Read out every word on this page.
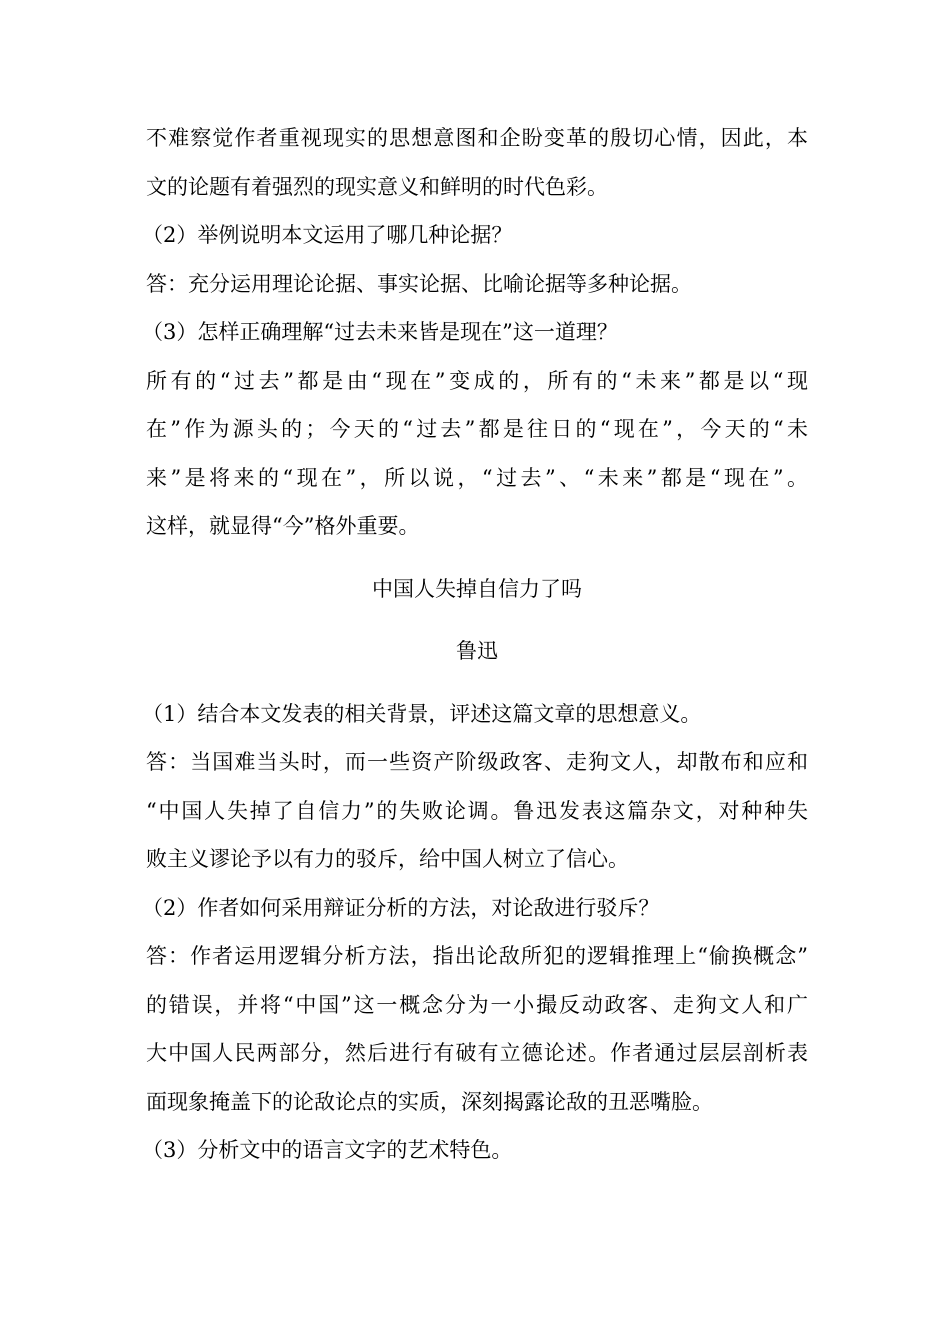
不难察觉作者重视现实的思想意图和企盼变革的殷切心情，因此，本
文的论题有着强烈的现实意义和鲜明的时代色彩。
（2）举例说明本文运用了哪几种论据？
答：充分运用理论论据、事实论据、比喻论据等多种论据。
（3）怎样正确理解“过去未来皆是现在”这一道理？
所有的“过去”都是由“现在”变成的，所有的“未来”都是以“现
在”作为源头的；今天的“过去”都是往日的“现在”，今天的“未
来”是将来的“现在”，所以说，“过去”、“未来”都是“现在”。
这样，就显得“今”格外重要。
中国人失掉自信力了吗
鲁迅
（1）结合本文发表的相关背景，评述这篇文章的思想意义。
答：当国难当头时，而一些资产阶级政客、走狗文人，却散布和应和
“中国人失掉了自信力”的失败论调。鲁迅发表这篇杂文，对种种失
败主义谬论予以有力的驳斥，给中国人树立了信心。
（2）作者如何采用辩证分析的方法，对论敌进行驳斥？
答：作者运用逻辑分析方法，指出论敌所犯的逻辑推理上“偷换概念”
的错误，并将“中国”这一概念分为一小撮反动政客、走狗文人和广
大中国人民两部分，然后进行有破有立德论述。作者通过层层剖析表
面现象掩盖下的论敌论点的实质，深刻揭露论敌的丑恶嘴脸。
（3）分析文中的语言文字的艺术特色。
